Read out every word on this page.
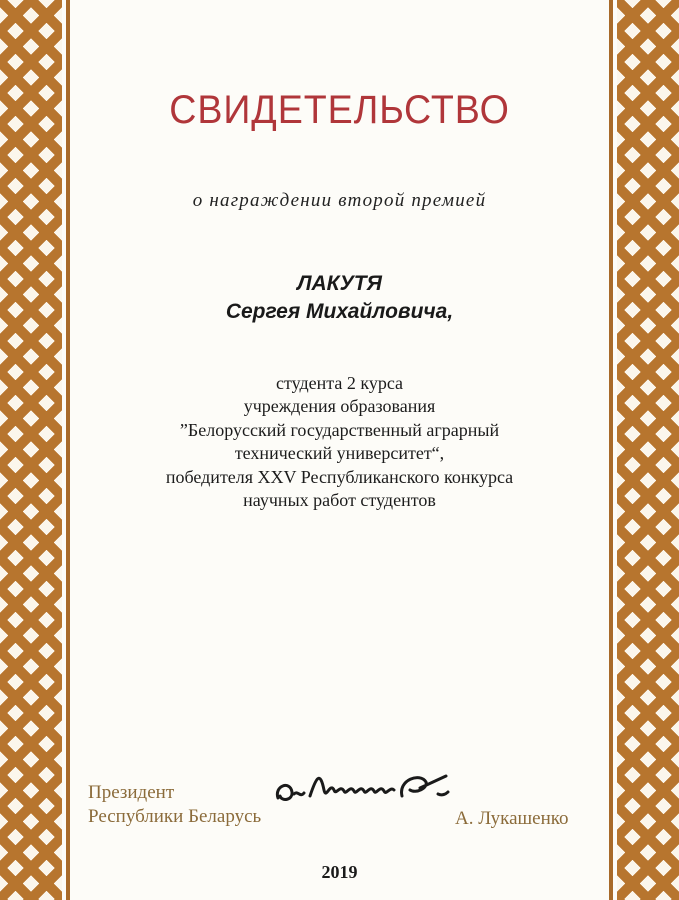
СВИДЕТЕЛЬСТВО
о награждении второй премией
ЛАКУТЯ
Сергея Михайловича,
студента 2 курса
учреждения образования
”Белорусский государственный аграрный
технический университет“,
победителя XXV Республиканского конкурса
научных работ студентов
Президент
Республики Беларусь	А. Лукашенко
2019
